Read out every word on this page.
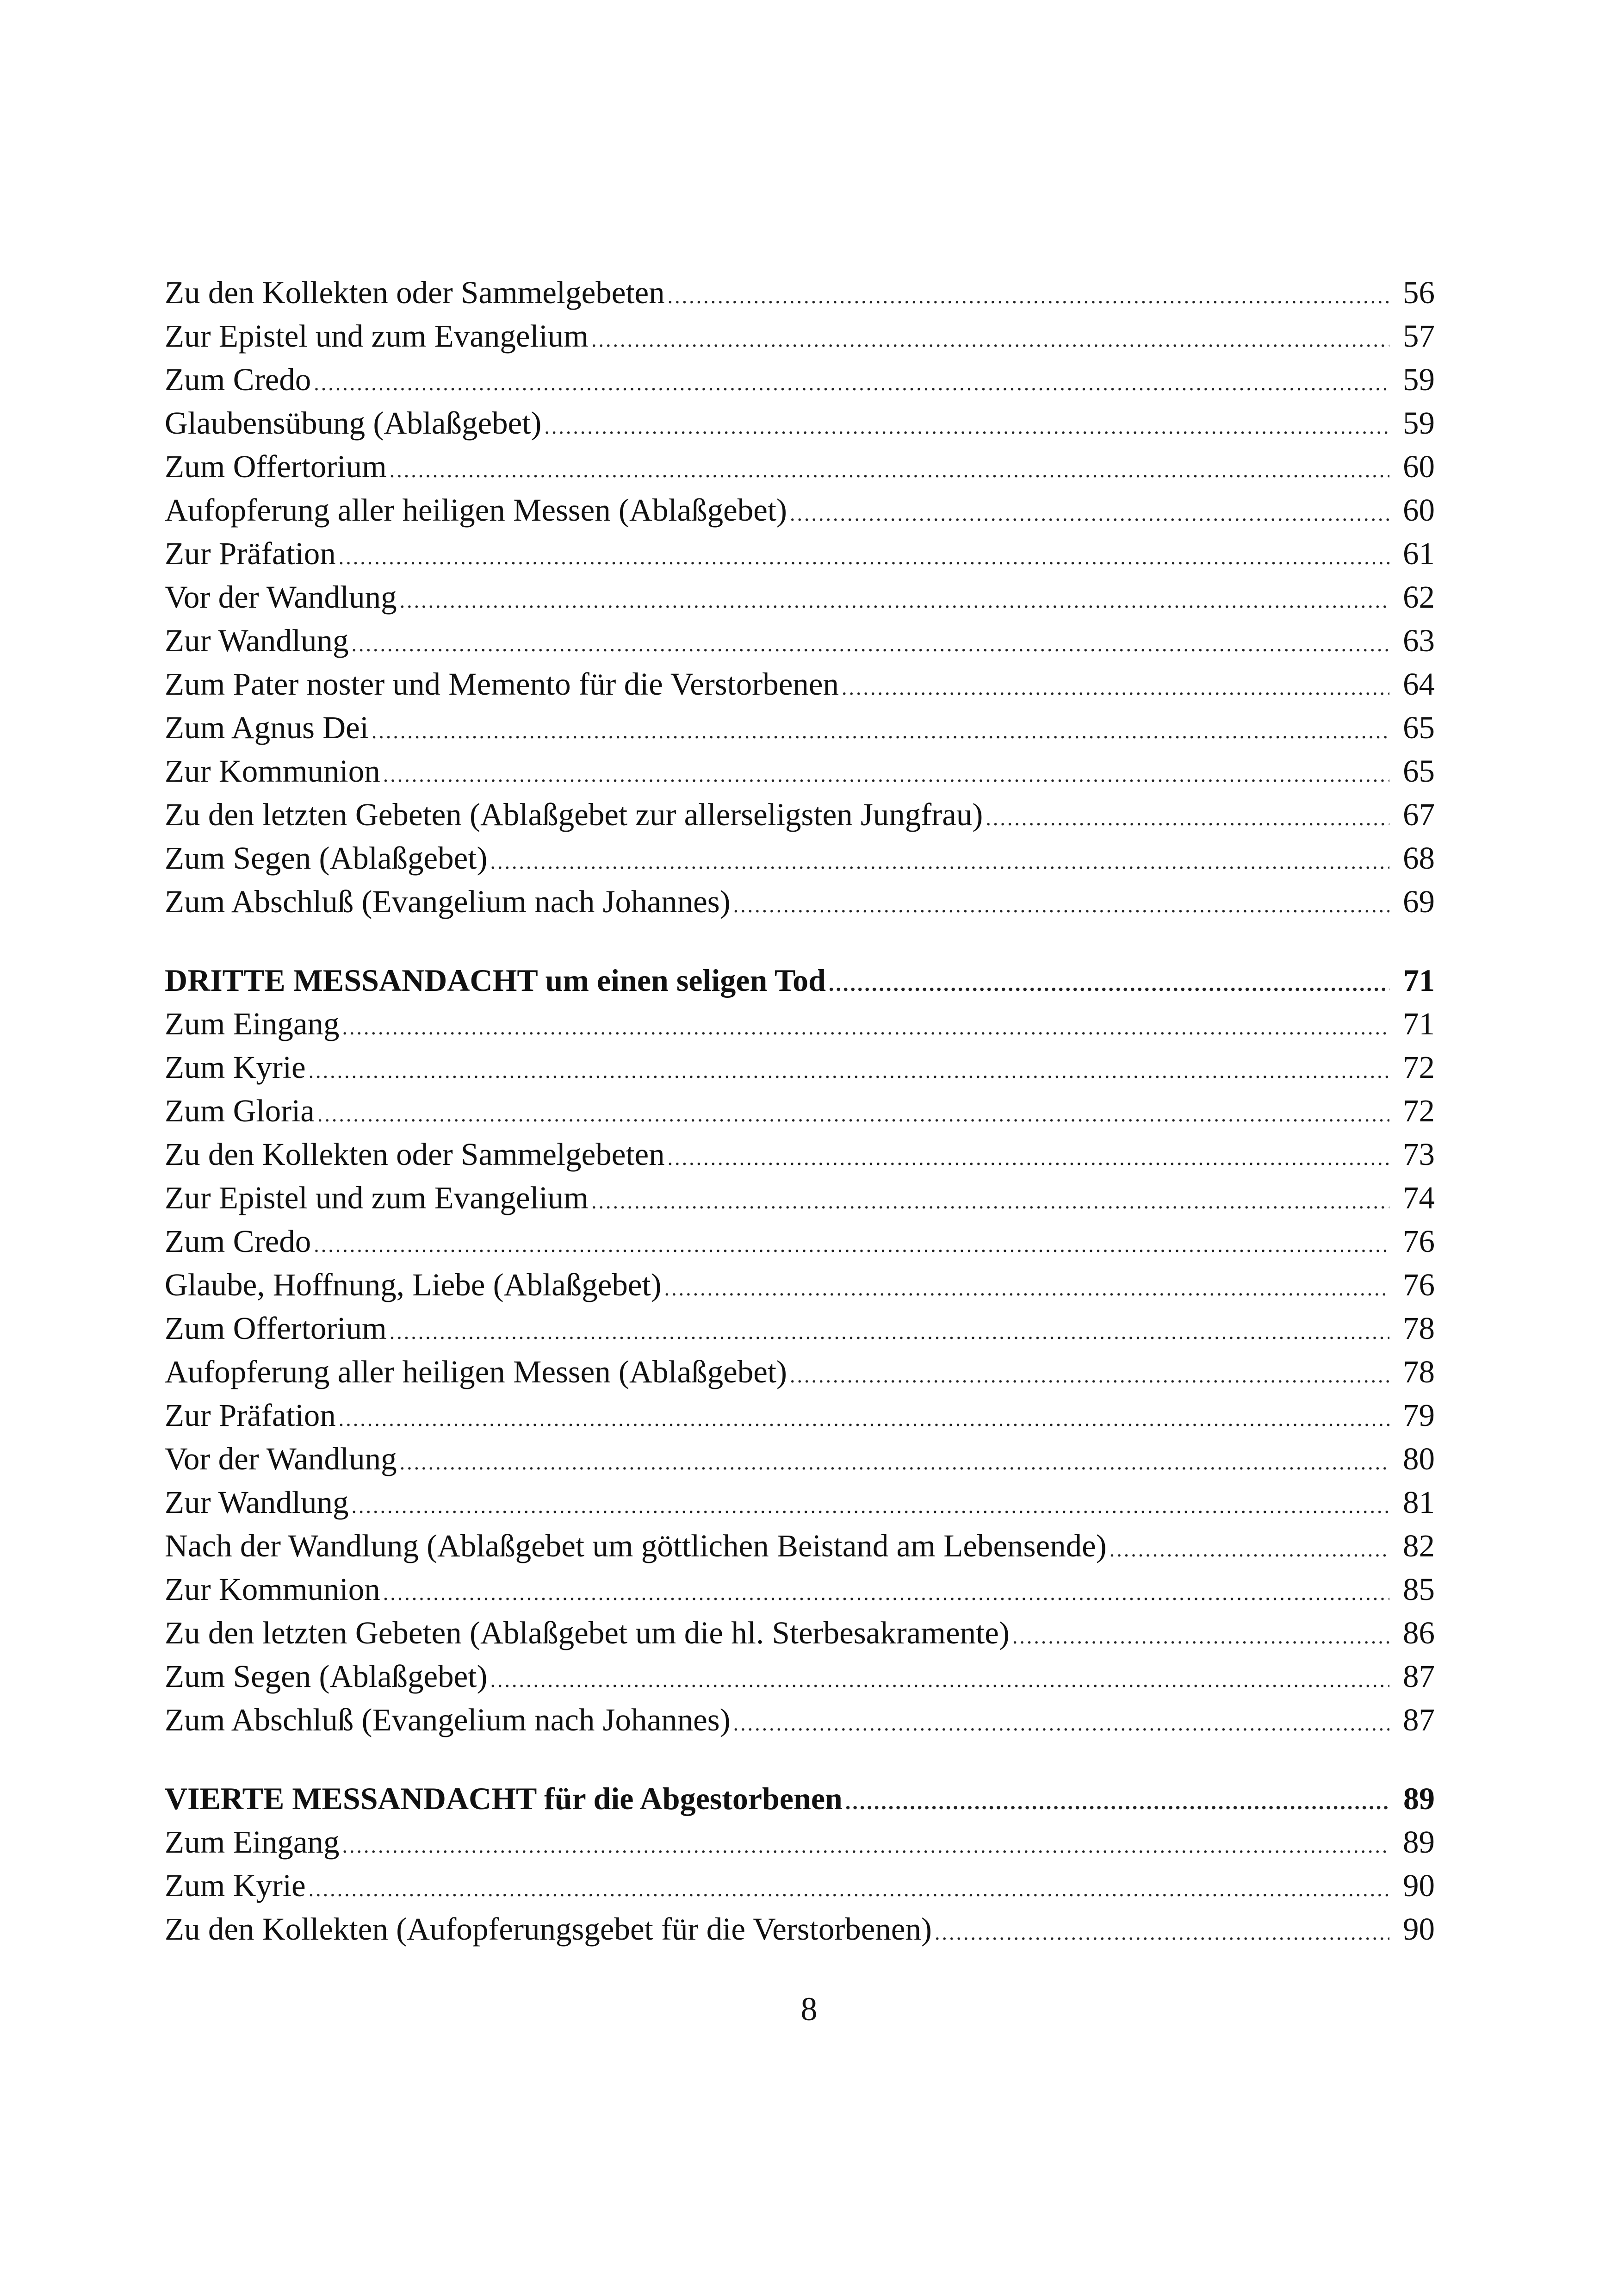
Zu den Kollekten oder Sammelgebeten .....	56
Zur Epistel und zum Evangelium .....	57
Zum Credo .....	59
Glaubensübung (Ablaßgebet) .....	59
Zum Offertorium .....	60
Aufopferung aller heiligen Messen (Ablaßgebet) .....	60
Zur Präfation .....	61
Vor der Wandlung .....	62
Zur Wandlung .....	63
Zum Pater noster und Memento für die Verstorbenen .....	64
Zum Agnus Dei .....	65
Zur Kommunion .....	65
Zu den letzten Gebeten (Ablaßgebet zur allerseligsten Jungfrau) .....	67
Zum Segen (Ablaßgebet) .....	68
Zum Abschluß (Evangelium nach Johannes) .....	69
DRITTE MESSANDACHT um einen seligen Tod .....	71
Zum Eingang .....	71
Zum Kyrie .....	72
Zum Gloria .....	72
Zu den Kollekten oder Sammelgebeten .....	73
Zur Epistel und zum Evangelium .....	74
Zum Credo .....	76
Glaube, Hoffnung, Liebe (Ablaßgebet) .....	76
Zum Offertorium .....	78
Aufopferung aller heiligen Messen (Ablaßgebet) .....	78
Zur Präfation .....	79
Vor der Wandlung .....	80
Zur Wandlung .....	81
Nach der Wandlung (Ablaßgebet um göttlichen Beistand am Lebensende) .....	82
Zur Kommunion .....	85
Zu den letzten Gebeten (Ablaßgebet um die hl. Sterbesakramente) .....	86
Zum Segen (Ablaßgebet) .....	87
Zum Abschluß (Evangelium nach Johannes) .....	87
VIERTE MESSANDACHT für die Abgestorbenen .....	89
Zum Eingang .....	89
Zum Kyrie .....	90
Zu den Kollekten (Aufopferungsgebet für die Verstorbenen) .....	90
8
